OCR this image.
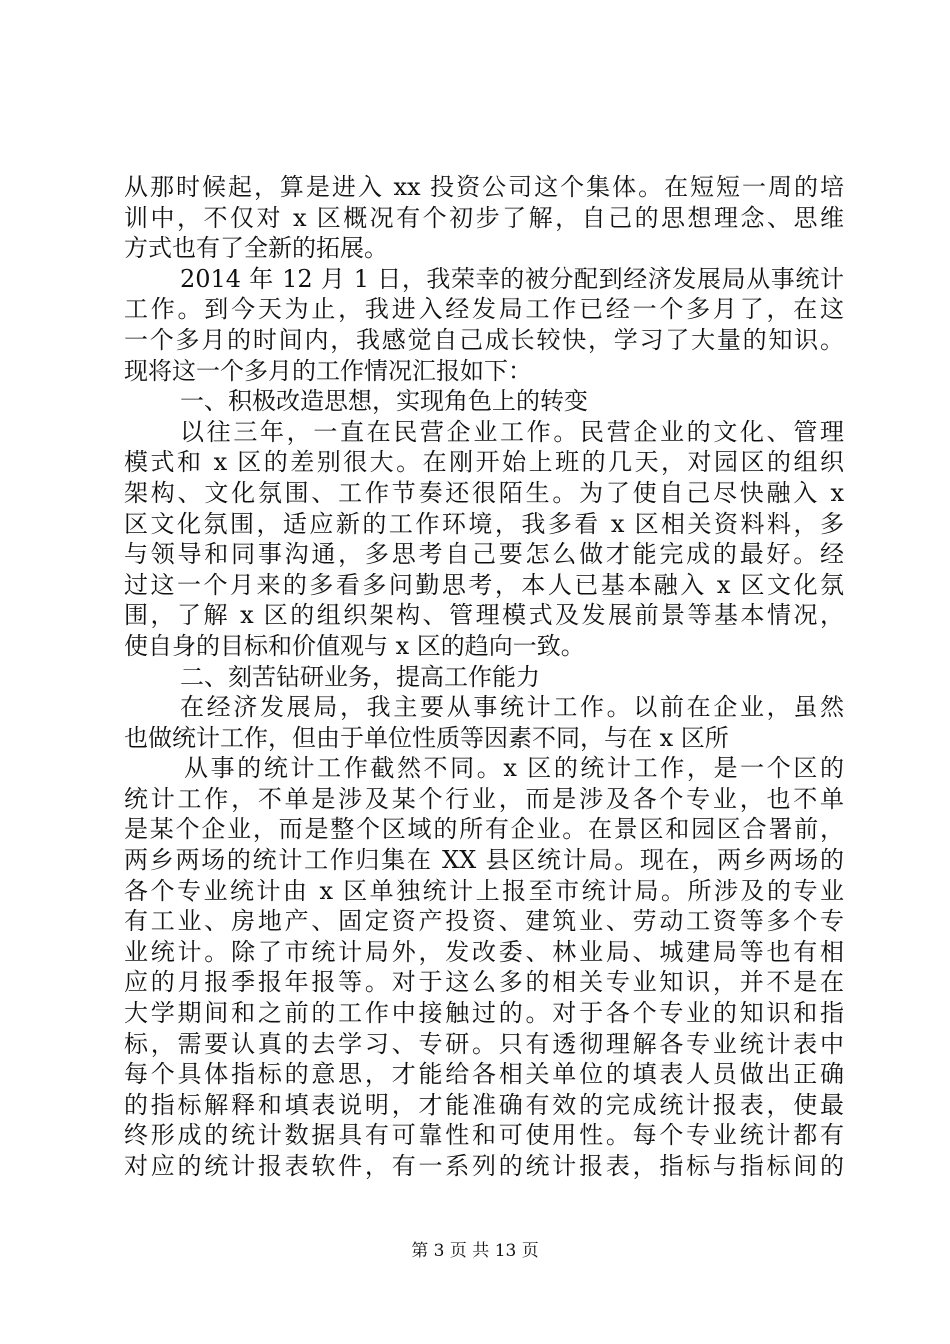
从那时候起，算是进入 xx 投资公司这个集体。在短短一周的培
训中，不仅对 x 区概况有个初步了解，自己的思想理念、思维
方式也有了全新的拓展。
2014 年 12 月 1 日，我荣幸的被分配到经济发展局从事统计
工作。到今天为止，我进入经发局工作已经一个多月了，在这
一个多月的时间内，我感觉自己成长较快，学习了大量的知识。
现将这一个多月的工作情况汇报如下：
一、积极改造思想，实现角色上的转变
以往三年，一直在民营企业工作。民营企业的文化、管理
模式和 x 区的差别很大。在刚开始上班的几天，对园区的组织
架构、文化氛围、工作节奏还很陌生。为了使自己尽快融入 x
区文化氛围，适应新的工作环境，我多看 x 区相关资料料，多
与领导和同事沟通，多思考自己要怎么做才能完成的最好。经
过这一个月来的多看多问勤思考，本人已基本融入 x 区文化氛
围，了解 x 区的组织架构、管理模式及发展前景等基本情况，
使自身的目标和价值观与 x 区的趋向一致。
二、刻苦钻研业务，提高工作能力
在经济发展局，我主要从事统计工作。以前在企业，虽然
也做统计工作，但由于单位性质等因素不同，与在 x 区所
从事的统计工作截然不同。x 区的统计工作，是一个区的
统计工作，不单是涉及某个行业，而是涉及各个专业，也不单
是某个企业，而是整个区域的所有企业。在景区和园区合署前，
两乡两场的统计工作归集在 XX 县区统计局。现在，两乡两场的
各个专业统计由 x 区单独统计上报至市统计局。所涉及的专业
有工业、房地产、固定资产投资、建筑业、劳动工资等多个专
业统计。除了市统计局外，发改委、林业局、城建局等也有相
应的月报季报年报等。对于这么多的相关专业知识，并不是在
大学期间和之前的工作中接触过的。对于各个专业的知识和指
标，需要认真的去学习、专研。只有透彻理解各专业统计表中
每个具体指标的意思，才能给各相关单位的填表人员做出正确
的指标解释和填表说明，才能准确有效的完成统计报表，使最
终形成的统计数据具有可靠性和可使用性。每个专业统计都有
对应的统计报表软件，有一系列的统计报表，指标与指标间的
第 3 页 共 13 页
